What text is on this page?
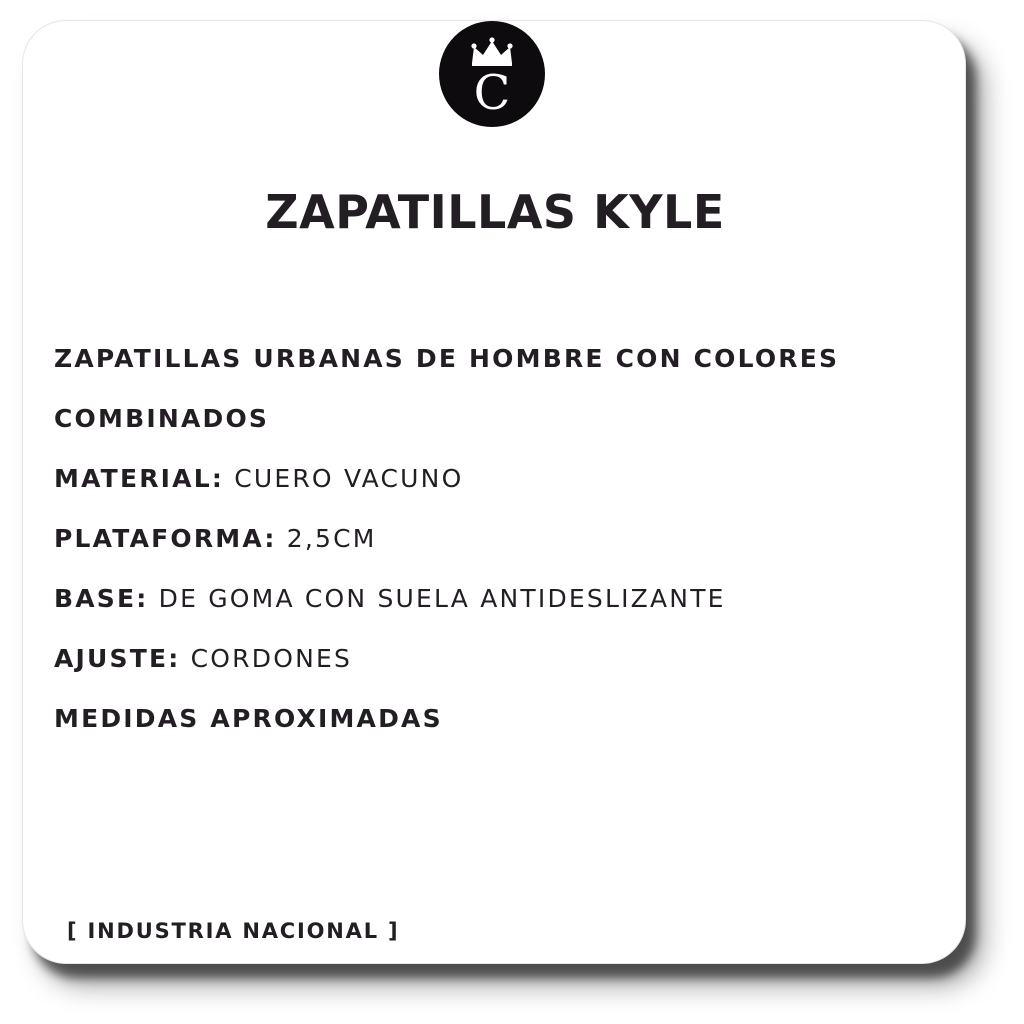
C
ZAPATILLAS KYLE
ZAPATILLAS URBANAS DE HOMBRE CON COLORES
COMBINADOS
MATERIAL: CUERO VACUNO
PLATAFORMA: 2,5CM
BASE: DE GOMA CON SUELA ANTIDESLIZANTE
AJUSTE: CORDONES
MEDIDAS APROXIMADAS

[ INDUSTRIA NACIONAL ]
